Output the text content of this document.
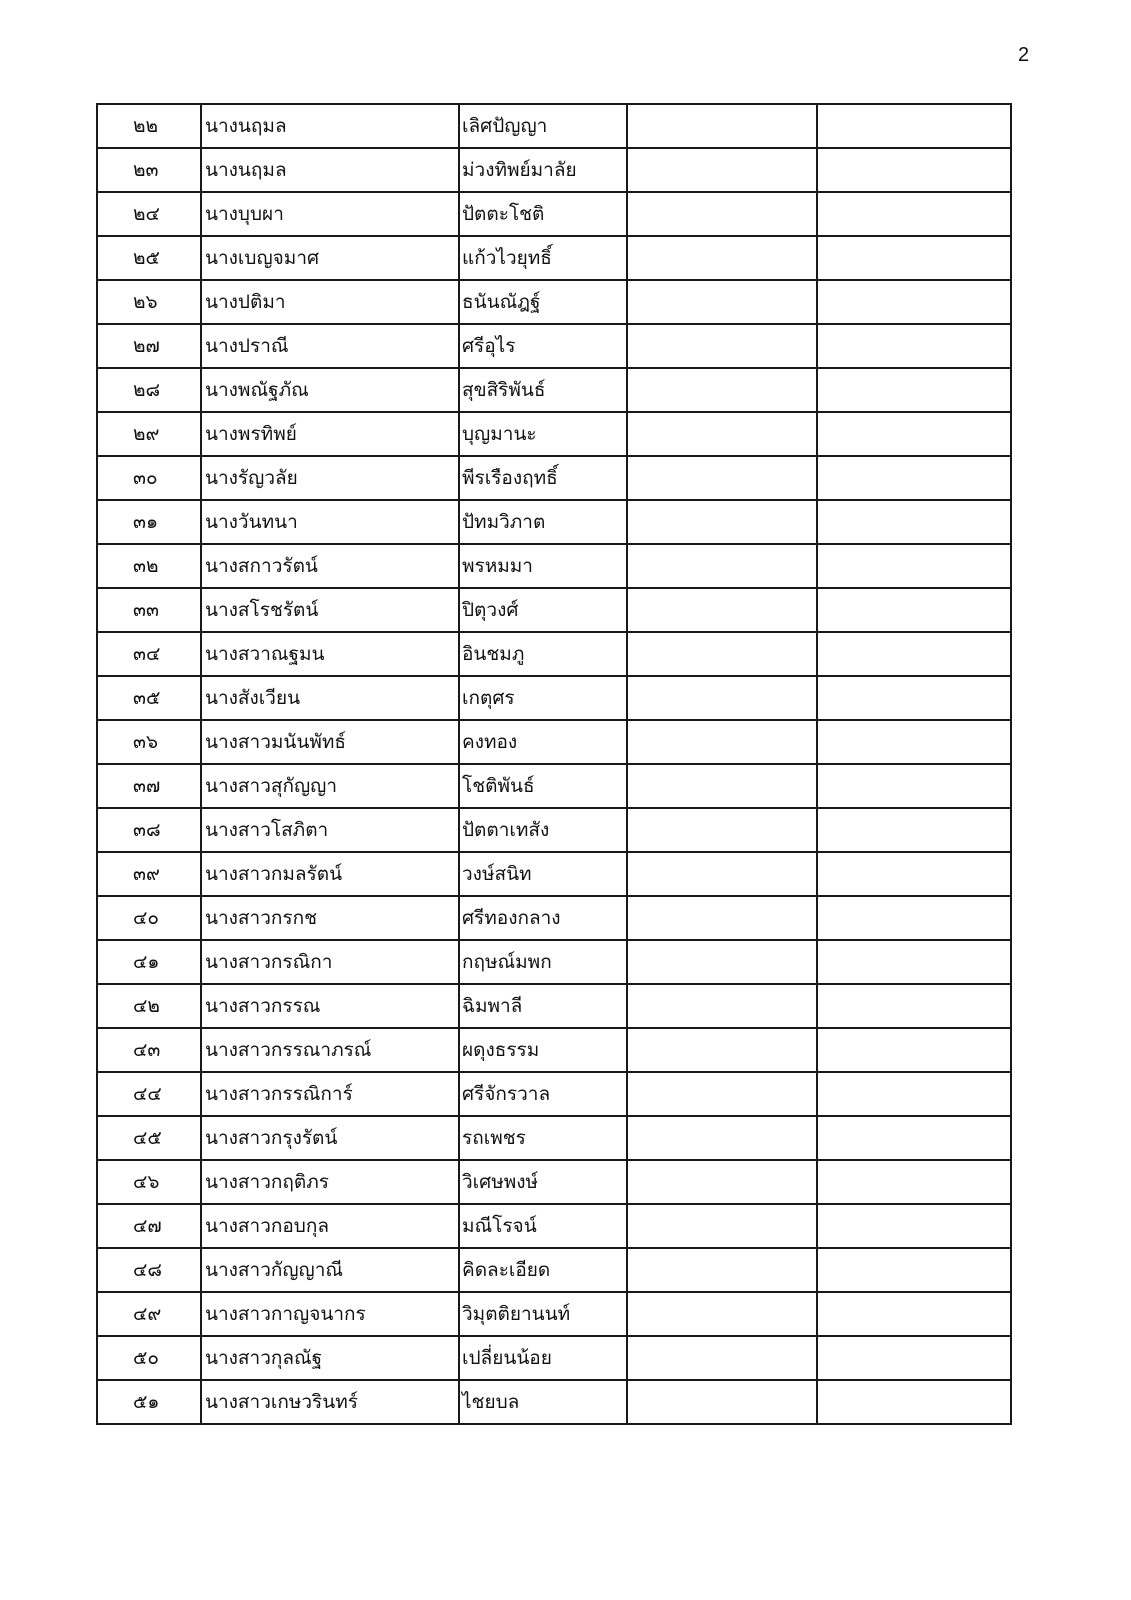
2
๒๒	นางนฤมล	เลิศปัญญา		
๒๓	นางนฤมล	ม่วงทิพย์มาลัย		
๒๔	นางบุบผา	ปัตตะโชติ		
๒๕	นางเบญจมาศ	แก้วไวยุทธิ์		
๒๖	นางปติมา	ธนันณัฎฐ์		
๒๗	นางปราณี	ศรีอุไร		
๒๘	นางพณัฐภัณ	สุขสิริพันธ์		
๒๙	นางพรทิพย์	บุญมานะ		
๓๐	นางรัญวลัย	พีรเรืองฤทธิ์		
๓๑	นางวันทนา	ปัทมวิภาต		
๓๒	นางสกาวรัตน์	พรหมมา		
๓๓	นางสโรชรัตน์	ปิตุวงศ์		
๓๔	นางสวาณฐมน	อินชมภู		
๓๕	นางสังเวียน	เกตุศร		
๓๖	นางสาวมนันพัทธ์	คงทอง		
๓๗	นางสาวสุกัญญา	โชติพันธ์		
๓๘	นางสาวโสภิตา	ปัตตาเทสัง		
๓๙	นางสาวกมลรัตน์	วงษ์สนิท		
๔๐	นางสาวกรกช	ศรีทองกลาง		
๔๑	นางสาวกรณิกา	กฤษณ์มพก		
๔๒	นางสาวกรรณ	ฉิมพาลี		
๔๓	นางสาวกรรณาภรณ์	ผดุงธรรม		
๔๔	นางสาวกรรณิการ์	ศรีจักรวาล		
๔๕	นางสาวกรุงรัตน์	รถเพชร		
๔๖	นางสาวกฤติภร	วิเศษพงษ์		
๔๗	นางสาวกอบกุล	มณีโรจน์		
๔๘	นางสาวกัญญาณี	คิดละเอียด		
๔๙	นางสาวกาญจนากร	วิมุตติยานนท์		
๕๐	นางสาวกุลณัฐ	เปลี่ยนน้อย		
๕๑	นางสาวเกษวรินทร์	ไชยบล		
